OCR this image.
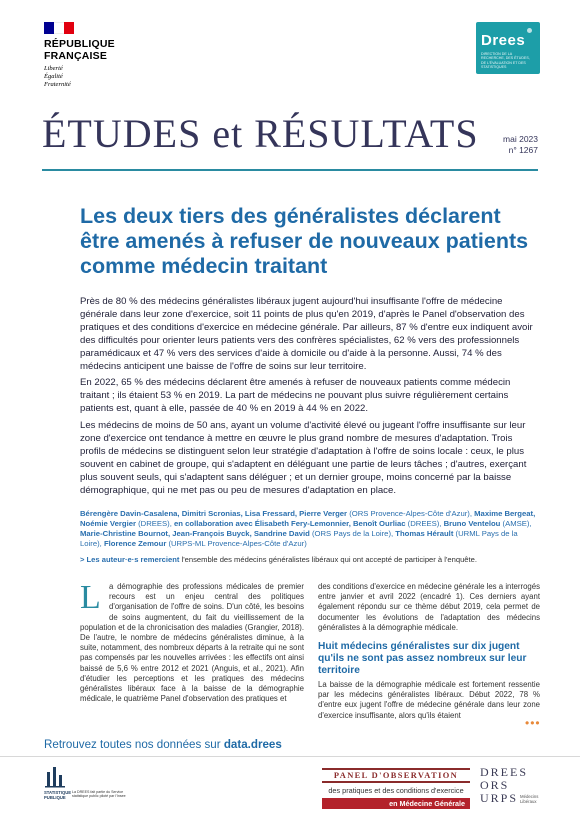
RÉPUBLIQUE
FRANÇAISE
Liberté
Égalité
Fraternité
Drees
DIRECTION DE LA RECHERCHE, DES ÉTUDES, DE L'ÉVALUATION ET DES STATISTIQUES
ÉTUDES et RÉSULTATS	mai 2023
n° 1267
Les deux tiers des généralistes déclarent être amenés à refuser de nouveaux patients comme médecin traitant

Près de 80 % des médecins généralistes libéraux jugent aujourd'hui insuffisante l'offre de médecine générale dans leur zone d'exercice, soit 11 points de plus qu'en 2019, d'après le Panel d'observation des pratiques et des conditions d'exercice en médecine générale. Par ailleurs, 87 % d'entre eux indiquent avoir des difficultés pour orienter leurs patients vers des confrères spécialistes, 62 % vers des professionnels paramédicaux et 47 % vers des services d'aide à domicile ou d'aide à la personne. Aussi, 74 % des médecins anticipent une baisse de l'offre de soins sur leur territoire.

En 2022, 65 % des médecins déclarent être amenés à refuser de nouveaux patients comme médecin traitant ; ils étaient 53 % en 2019. La part de médecins ne pouvant plus suivre régulièrement certains patients est, quant à elle, passée de 40 % en 2019 à 44 % en 2022.

Les médecins de moins de 50 ans, ayant un volume d'activité élevé ou jugeant l'offre insuffisante sur leur zone d'exercice ont tendance à mettre en œuvre le plus grand nombre de mesures d'adaptation. Trois profils de médecins se distinguent selon leur stratégie d'adaptation à l'offre de soins locale : ceux, le plus souvent en cabinet de groupe, qui s'adaptent en déléguant une partie de leurs tâches ; d'autres, exerçant plus souvent seuls, qui s'adaptent sans déléguer ; et un dernier groupe, moins concerné par la baisse démographique, qui ne met pas ou peu de mesures d'adaptation en place.

Bérengère Davin-Casalena, Dimitri Scronias, Lisa Fressard, Pierre Verger (ORS Provence-Alpes-Côte d'Azur), Maxime Bergeat, Noémie Vergier (DREES), en collaboration avec Élisabeth Fery-Lemonnier, Benoît Ourliac (DREES), Bruno Ventelou (AMSE), Marie-Christine Bournot, Jean-François Buyck, Sandrine David (ORS Pays de la Loire), Thomas Hérault (URML Pays de la Loire), Florence Zemour (URPS-ML Provence-Alpes-Côte d'Azur)
> Les auteur·e·s remercient l'ensemble des médecins généralistes libéraux qui ont accepté de participer à l'enquête.
L	a démographie des professions médicales de premier recours est un enjeu central des politiques d'organisation de l'offre de soins. D'un côté, les besoins de soins augmentent, du fait du vieillissement de la population et de la chronicisation des maladies (Grangier, 2018). De l'autre, le nombre de médecins généralistes diminue, à la suite, notamment, des nombreux départs à la retraite qui ne sont pas compensés par les nouvelles arrivées : les effectifs ont ainsi baissé de 5,6 % entre 2012 et 2021 (Anguis, et al., 2021). Afin d'étudier les perceptions et les pratiques des médecins généralistes libéraux face à la baisse de la démographie médicale, le quatrième Panel d'observation des pratiques et

des conditions d'exercice en médecine générale les a interrogés entre janvier et avril 2022 (encadré 1). Ces derniers ayant également répondu sur ce thème début 2019, cela permet de documenter les évolutions de l'adaptation des médecins généralistes à la démographie médicale.

Huit médecins généralistes sur dix jugent qu'ils ne sont pas assez nombreux sur leur territoire

La baisse de la démographie médicale est fortement ressentie par les médecins généralistes libéraux. Début 2022, 78 % d'entre eux jugent l'offre de médecine générale dans leur zone d'exercice insuffisante, alors qu'ils étaient

•••
Retrouvez toutes nos données sur data.drees
STATISTIQUE
PUBLIQUE
La DREES fait partie du Service statistique public piloté par l'Insee
PANEL D'OBSERVATION
des pratiques et des conditions d'exercice
en Médecine Générale
DREES
ORS
URPS Médecins
Libéraux
